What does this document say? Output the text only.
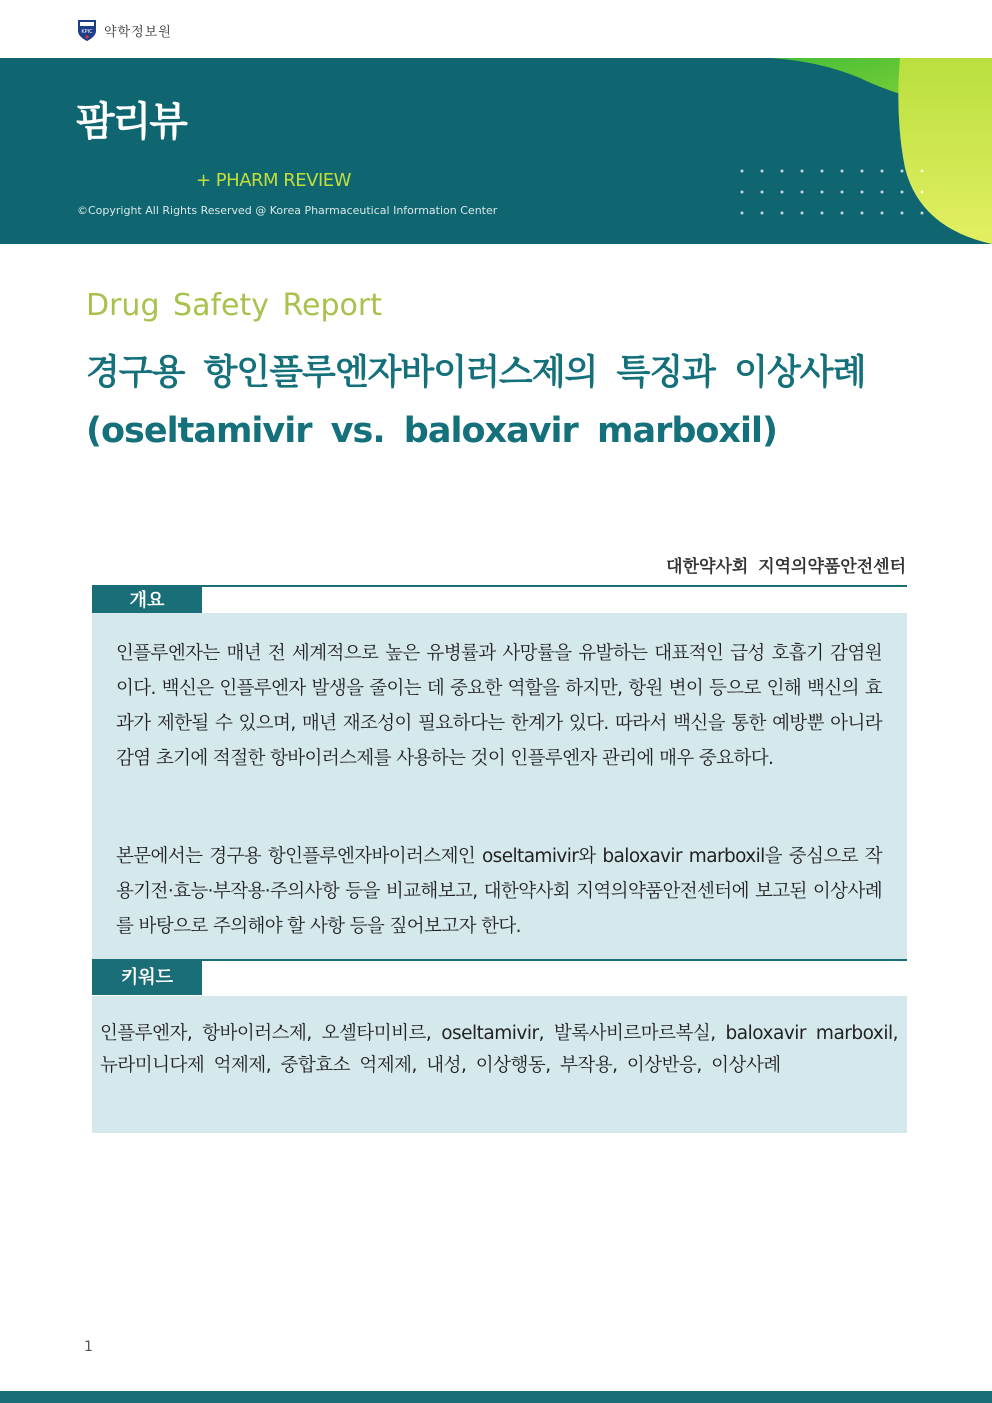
KPIC 약학정보원
팜리뷰
+ PHARM REVIEW
©Copyright All Rights Reserved @ Korea Pharmaceutical Information Center
Drug Safety Report
경구용 항인플루엔자바이러스제의 특징과 이상사례
(oseltamivir vs. baloxavir marboxil)
대한약사회 지역의약품안전센터
개요
인플루엔자는 매년 전 세계적으로 높은 유병률과 사망률을 유발하는 대표적인 급성 호흡기 감염원이다. 백신은 인플루엔자 발생을 줄이는 데 중요한 역할을 하지만, 항원 변이 등으로 인해 백신의 효과가 제한될 수 있으며, 매년 재조성이 필요하다는 한계가 있다. 따라서 백신을 통한 예방뿐 아니라 감염 초기에 적절한 항바이러스제를 사용하는 것이 인플루엔자 관리에 매우 중요하다.
본문에서는 경구용 항인플루엔자바이러스제인 oseltamivir와 baloxavir marboxil을 중심으로 작용기전·효능·부작용·주의사항 등을 비교해보고, 대한약사회 지역의약품안전센터에 보고된 이상사례를 바탕으로 주의해야 할 사항 등을 짚어보고자 한다.
키워드
인플루엔자, 항바이러스제, 오셀타미비르, oseltamivir, 발록사비르마르복실, baloxavir marboxil, 뉴라미니다제 억제제, 중합효소 억제제, 내성, 이상행동, 부작용, 이상반응, 이상사례
1
